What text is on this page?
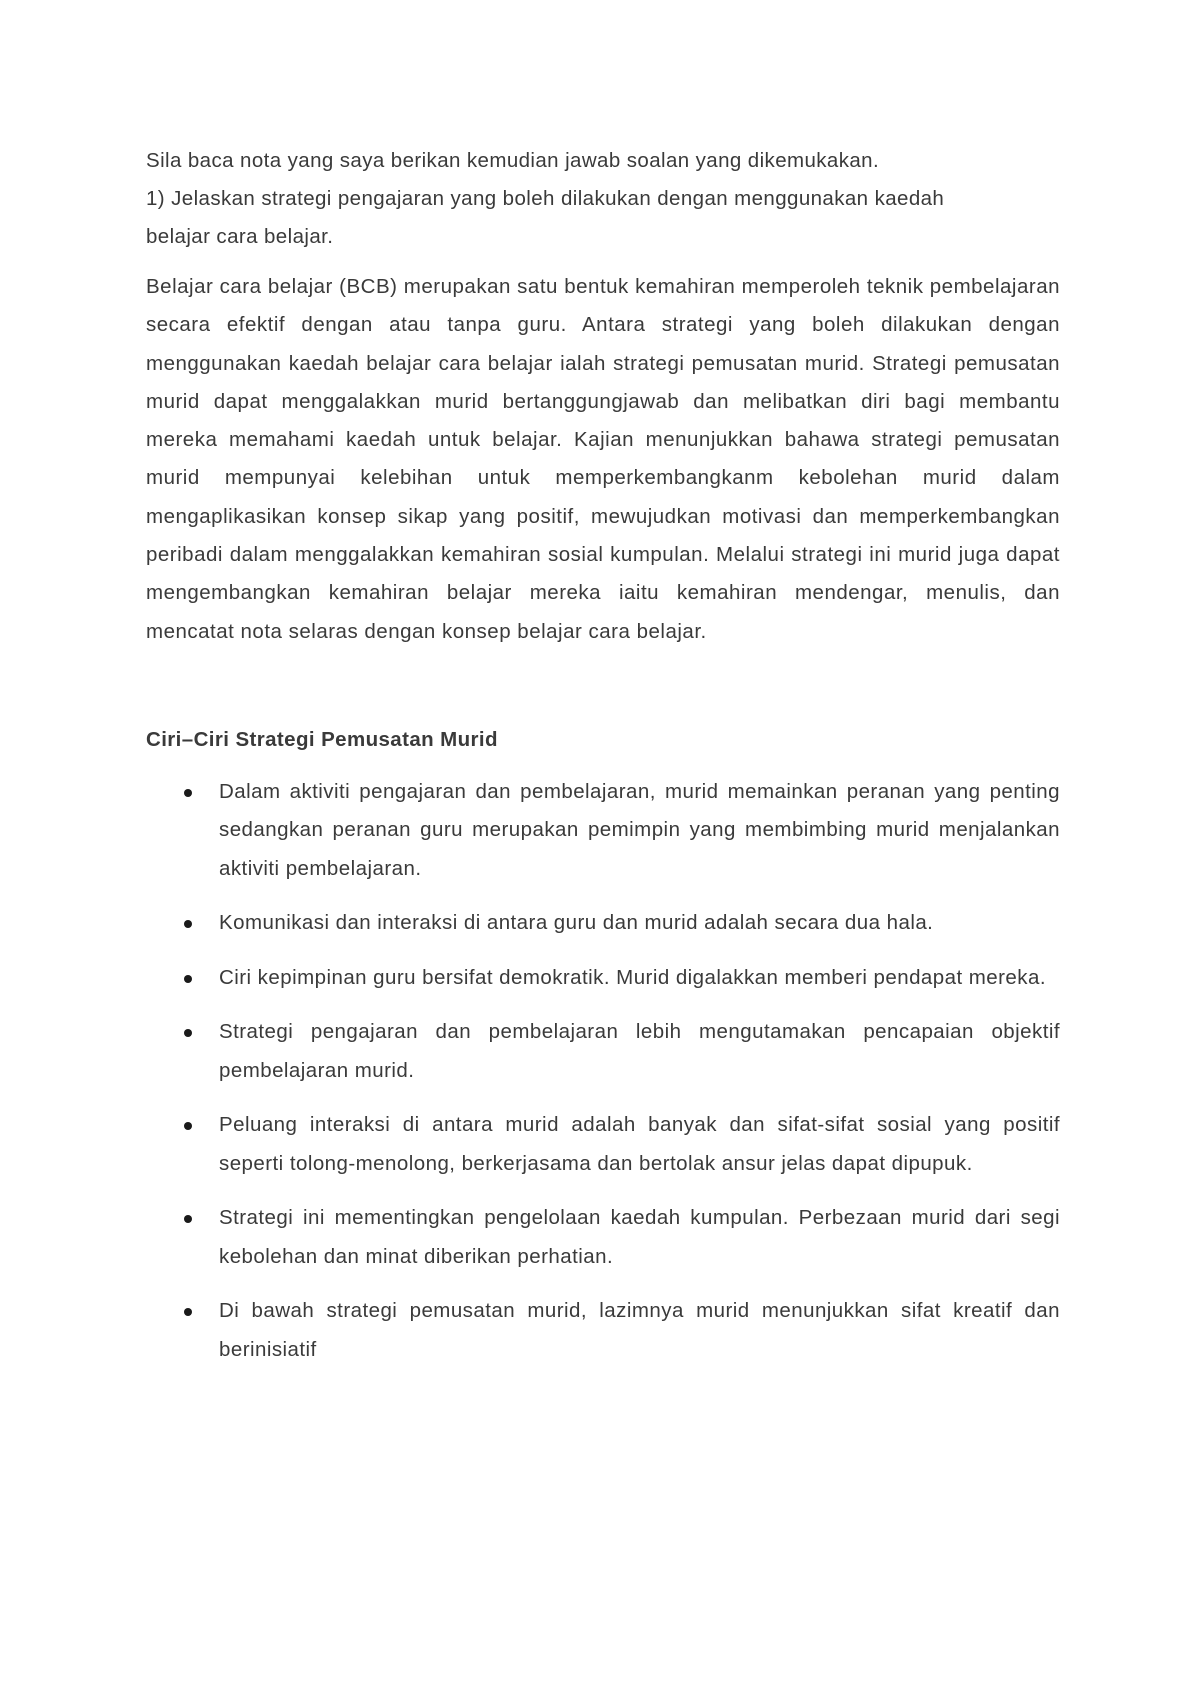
Sila baca nota yang saya berikan kemudian jawab soalan yang dikemukakan.

1) Jelaskan strategi pengajaran yang boleh dilakukan dengan menggunakan kaedah

belajar cara belajar.

Belajar cara belajar (BCB) merupakan satu bentuk kemahiran memperoleh teknik pembelajaran secara efektif dengan atau tanpa guru. Antara strategi yang boleh dilakukan dengan menggunakan kaedah belajar cara belajar ialah strategi pemusatan murid. Strategi pemusatan murid dapat menggalakkan murid bertanggungjawab dan melibatkan diri bagi membantu mereka memahami kaedah untuk belajar. Kajian menunjukkan bahawa strategi pemusatan murid mempunyai kelebihan untuk memperkembangkanm kebolehan murid dalam mengaplikasikan konsep sikap yang positif, mewujudkan motivasi dan memperkembangkan peribadi dalam menggalakkan kemahiran sosial kumpulan. Melalui strategi ini murid juga dapat mengembangkan kemahiran belajar mereka iaitu kemahiran mendengar, menulis, dan mencatat nota selaras dengan konsep belajar cara belajar.

Ciri–Ciri Strategi Pemusatan Murid
Dalam aktiviti pengajaran dan pembelajaran, murid memainkan peranan yang penting sedangkan peranan guru merupakan pemimpin yang membimbing murid menjalankan aktiviti pembelajaran.
Komunikasi dan interaksi di antara guru dan murid adalah secara dua hala.
Ciri kepimpinan guru bersifat demokratik. Murid digalakkan memberi pendapat mereka.
Strategi pengajaran dan pembelajaran lebih mengutamakan pencapaian objektif pembelajaran murid.
Peluang interaksi di antara murid adalah banyak dan sifat-sifat sosial yang positif seperti tolong-menolong, berkerjasama dan bertolak ansur jelas dapat dipupuk.
Strategi ini mementingkan pengelolaan kaedah kumpulan. Perbezaan murid dari segi kebolehan dan minat diberikan perhatian.
Di bawah strategi pemusatan murid, lazimnya murid menunjukkan sifat kreatif dan berinisiatif
